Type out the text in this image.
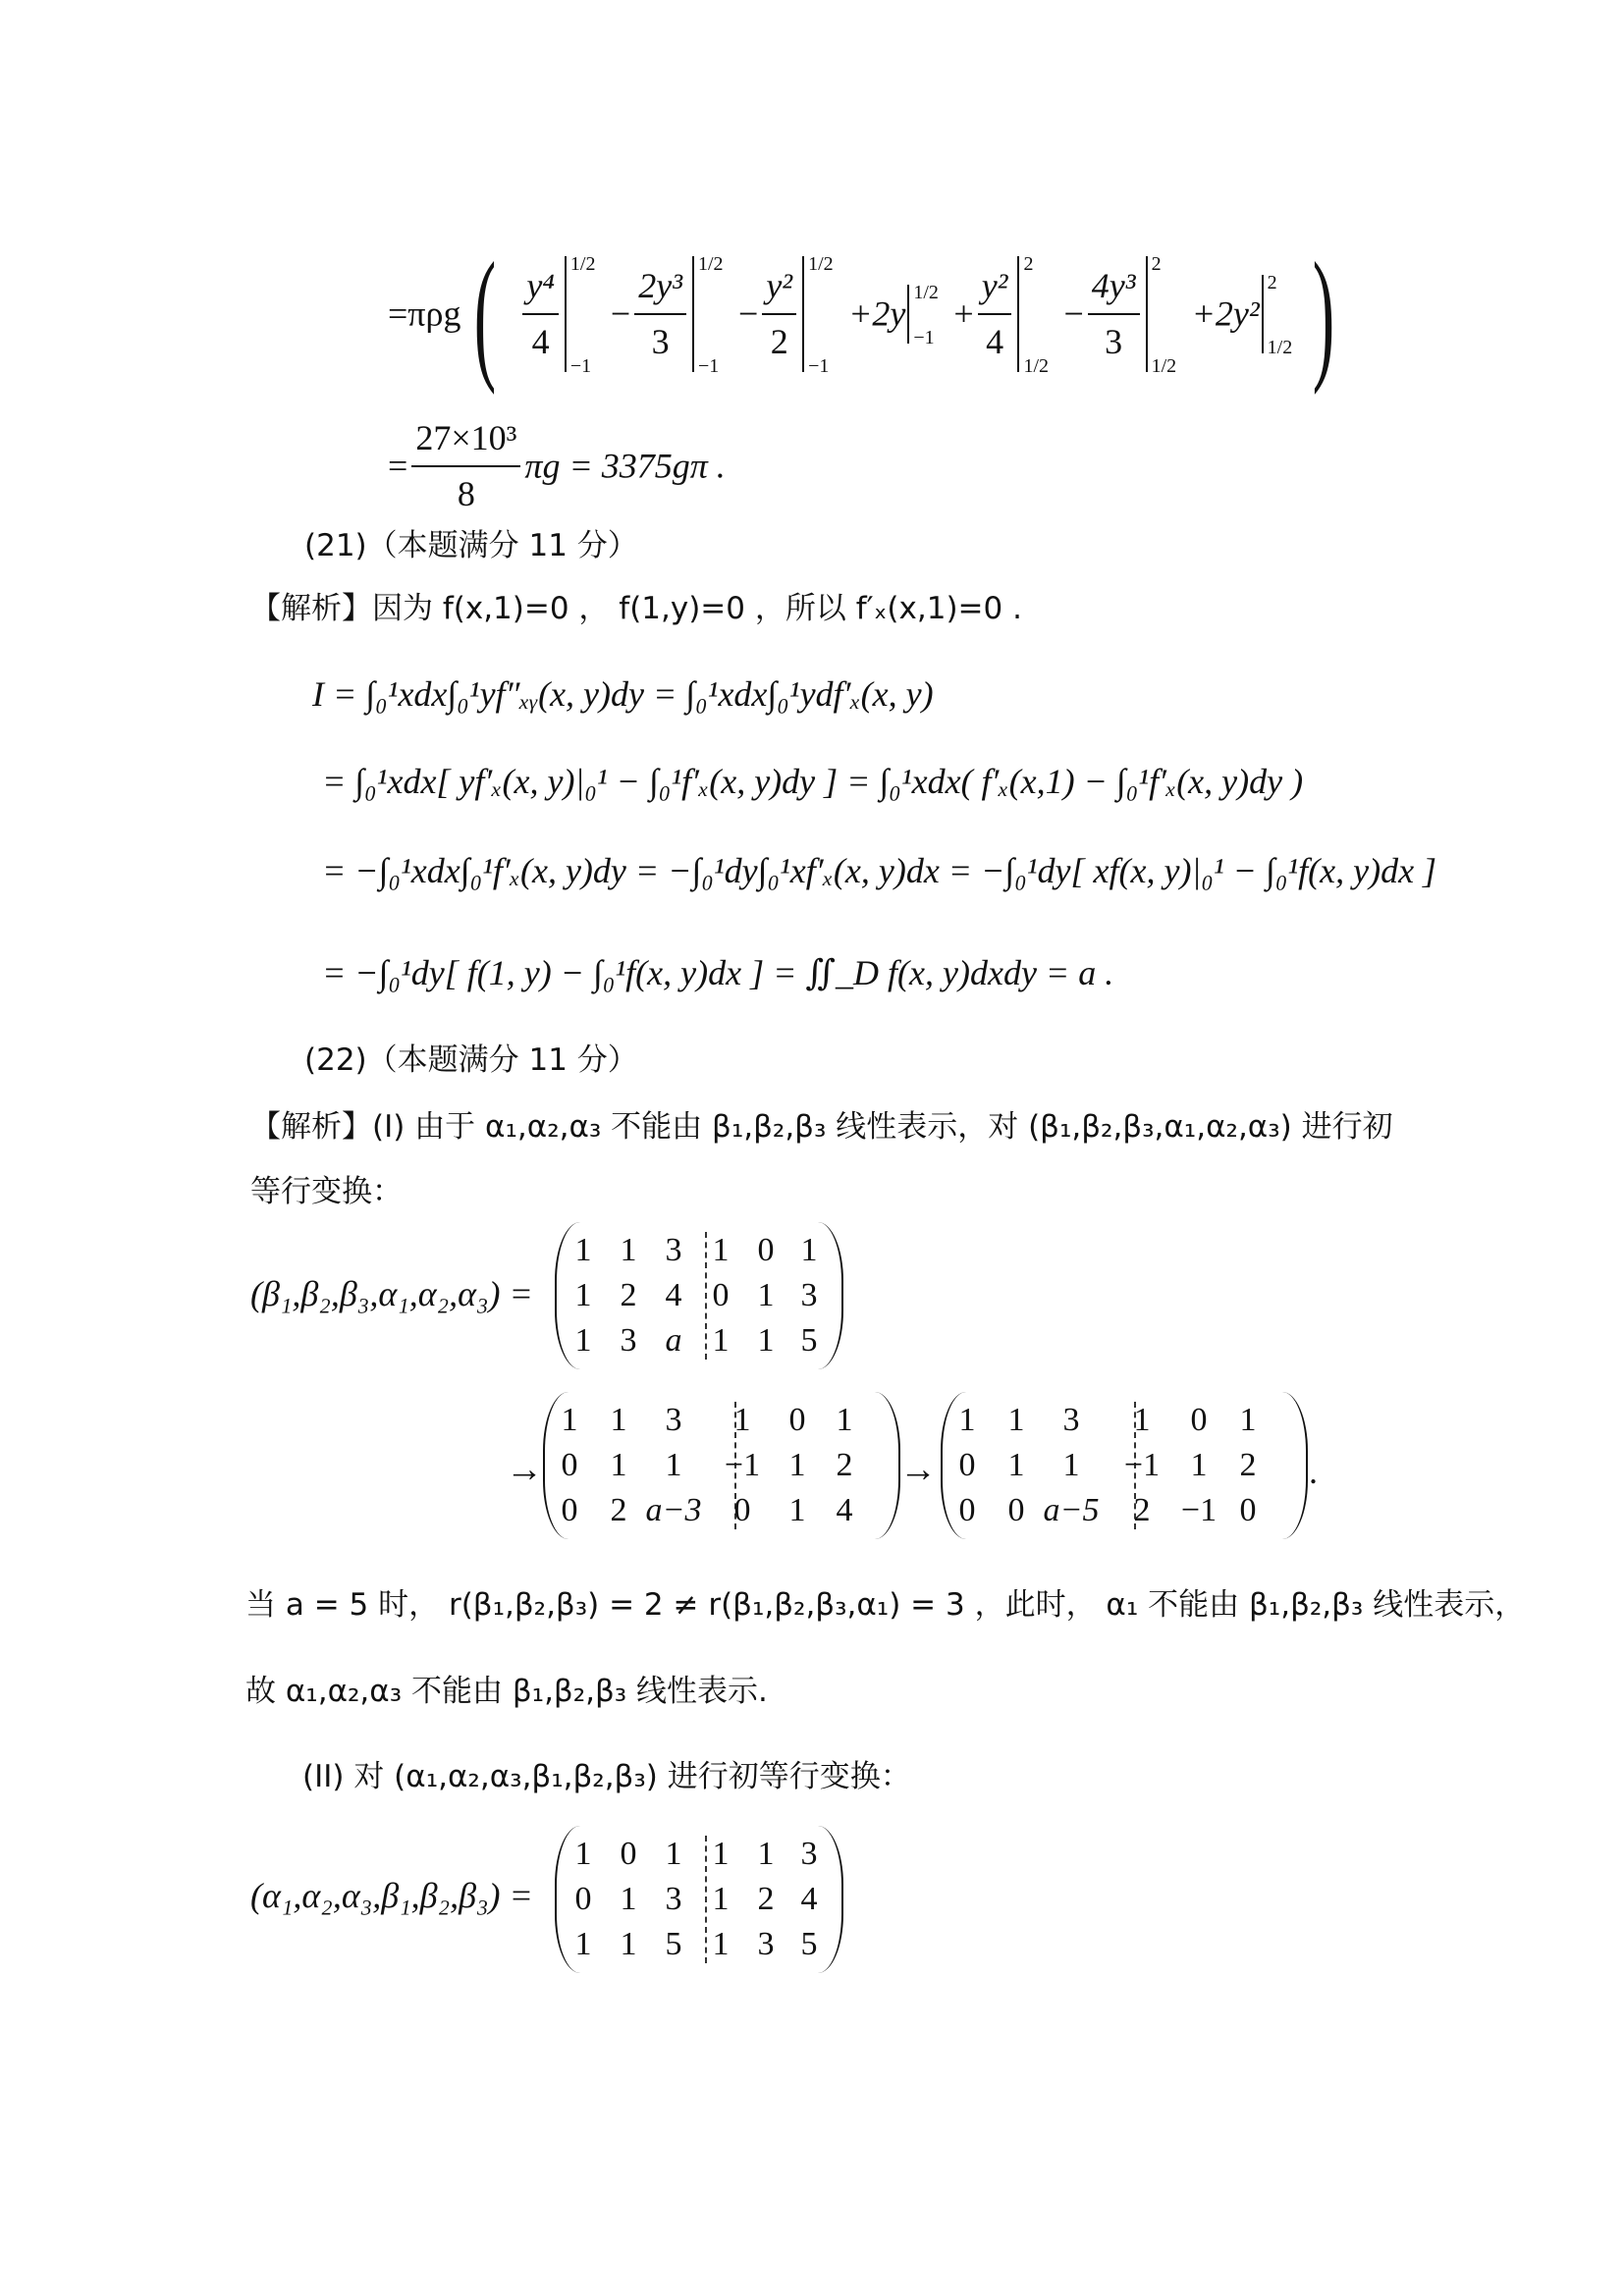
$=\pi\rho g( \frac{\text{y⁴}}{4}$
1/2
−1
− $\frac{\text{2y³}}{3}$
1/2
−1
− $\frac{\text{y²}}{2}$
1/2
−1
+2y
1/2
−1
+ $\frac{\text{y²}}{4}$
2
1/2
− $\frac{\text{4y³}}{3}$
2
1/2
+2y²
2
1/2 )
= $\frac{\text{27×10³}}{8}$ πg = 3375gπ .
(21)（本题满分 11 分）
【解析】因为 f(x,1)=0 ， f(1,y)=0 ，所以 f′ₓ(x,1)=0 .
I = ∫₀¹xdx∫₀¹yf″ₓᵧ(x, y)dy = ∫₀¹xdx∫₀¹ydf′ₓ(x, y)
= ∫₀¹xdx[ yf′ₓ(x, y)|₀¹ − ∫₀¹f′ₓ(x, y)dy ] = ∫₀¹xdx( f′ₓ(x,1) − ∫₀¹f′ₓ(x, y)dy )
= −∫₀¹xdx∫₀¹f′ₓ(x, y)dy = −∫₀¹dy∫₀¹xf′ₓ(x, y)dx = −∫₀¹dy[ xf(x, y)|₀¹ − ∫₀¹f(x, y)dx ]
= −∫₀¹dy[ f(1, y) − ∫₀¹f(x, y)dx ] = ∬_D f(x, y)dxdy = a .
(22)（本题满分 11 分）
【解析】(I) 由于 α₁,α₂,α₃ 不能由 β₁,β₂,β₃ 线性表示，对 (β₁,β₂,β₃,α₁,α₂,α₃) 进行初
等行变换：
(β₁,β₂,β₃,α₁,α₂,α₃) =
1 1 3 1 0 1
1 2 4 0 1 3
1 3 a 1 1 5
→
1 1	3	1	0 1
0 1	1	−1 1 2
0 2 a−3 0	1 4
→
1 1	3	1	0 1
0 1	1	−1 1 2
0 0 a−5	2 −1 0
.
当 a = 5 时， r(β₁,β₂,β₃) = 2 ≠ r(β₁,β₂,β₃,α₁) = 3 ，此时， α₁ 不能由 β₁,β₂,β₃ 线性表示，
故 α₁,α₂,α₃ 不能由 β₁,β₂,β₃ 线性表示.
(II) 对 (α₁,α₂,α₃,β₁,β₂,β₃) 进行初等行变换：
(α₁,α₂,α₃,β₁,β₂,β₃) =
1 0 1 1 1 3
0 1 3 1 2 4
1 1 5 1 3 5
